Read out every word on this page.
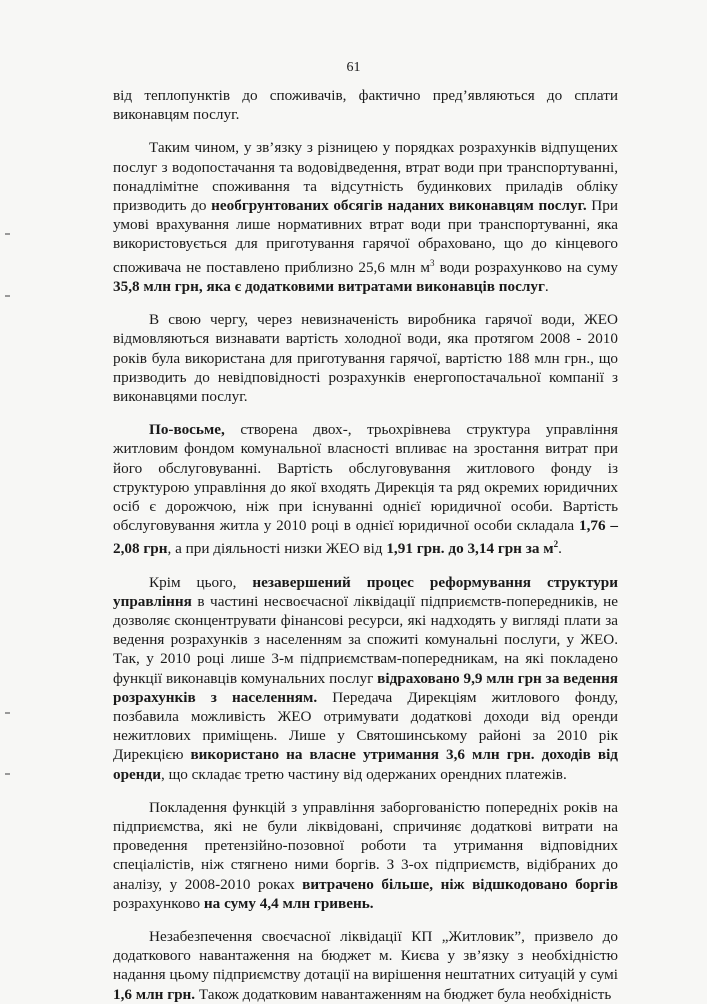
61

від теплопунктів до споживачів, фактично пред’являються до сплати виконавцям послуг.

Таким чином, у зв’язку з різницею у порядках розрахунків відпущених послуг з водопостачання та водовідведення, втрат води при транспортуванні, понадлімітне споживання та відсутність будинкових приладів обліку призводить до необгрунтованих обсягів наданих виконавцям послуг. При умові врахування лише нормативних втрат води при транспортуванні, яка використовується для приготування гарячої обраховано, що до кінцевого споживача не поставлено приблизно 25,6 млн $м^3$ води розрахунково на суму 35,8 млн грн, яка є додатковими витратами виконавців послуг.

В свою чергу, через невизначеність виробника гарячої води, ЖЕО відмовляються визнавати вартість холодної води, яка протягом 2008 - 2010 років була використана для приготування гарячої, вартістю 188 млн грн., що призводить до невідповідності розрахунків енергопостачальної компанії з виконавцями послуг.

По-восьме, створена двох-, трьохрівнева структура управління житловим фондом комунальної власності впливає на зростання витрат при його обслуговуванні. Вартість обслуговування житлового фонду із структурою управління до якої входять Дирекція та ряд окремих юридичних осіб є дорожчою, ніж при існуванні однієї юридичної особи. Вартість обслуговування житла у 2010 році в однієї юридичної особи складала 1,76 – 2,08 грн, а при діяльності низки ЖЕО від 1,91 грн. до 3,14 грн за $м^2$.

Крім цього, незавершений процес реформування структури управління в частині несвоєчасної ліквідації підприємств-попередників, не дозволяє сконцентрувати фінансові ресурси, які надходять у вигляді плати за ведення розрахунків з населенням за спожиті комунальні послуги, у ЖЕО. Так, у 2010 році лише 3-м підприємствам-попередникам, на які покладено функції виконавців комунальних послуг відраховано 9,9 млн грн за ведення розрахунків з населенням. Передача Дирекціям житлового фонду, позбавила можливість ЖЕО отримувати додаткові доходи від оренди нежитлових приміщень. Лише у Святошинському районі за 2010 рік Дирекцією використано на власне утримання 3,6 млн грн. доходів від оренди, що складає третю частину від одержаних орендних платежів.

Покладення функцій з управління заборгованістю попередніх років на підприємства, які не були ліквідовані, спричиняє додаткові витрати на проведення претензійно-позовної роботи та утримання відповідних спеціалістів, ніж стягнено ними боргів. З 3-ох підприємств, відібраних до аналізу, у 2008-2010 роках витрачено більше, ніж відшкодовано боргів розрахунково на суму 4,4 млн гривень.

Незабезпечення своєчасної ліквідації КП „Житловик”, призвело до додаткового навантаження на бюджет м. Києва у зв’язку з необхідністю надання цьому підприємству дотації на вирішення нештатних ситуацій у сумі 1,6 млн грн. Також додатковим навантаженням на бюджет була необхідність
